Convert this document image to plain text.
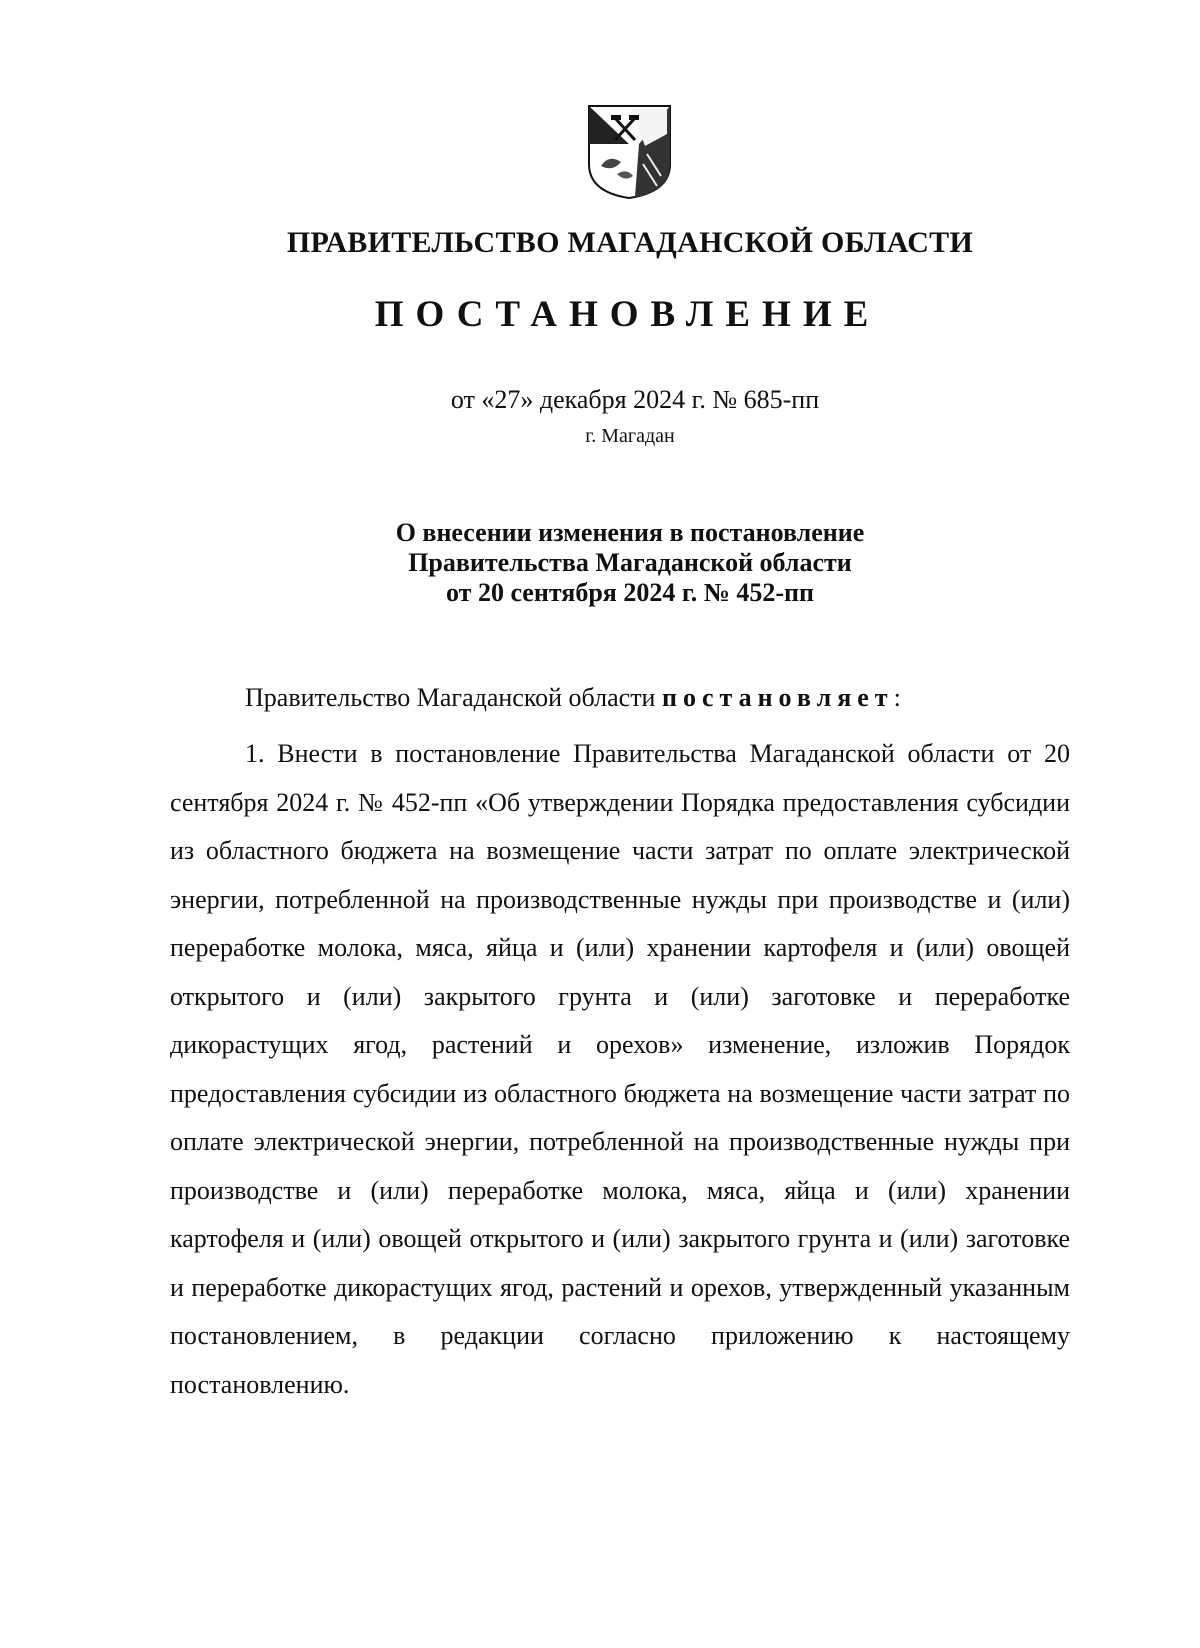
ПРАВИТЕЛЬСТВО МАГАДАНСКОЙ ОБЛАСТИ
ПОСТАНОВЛЕНИЕ
от «27» декабря 2024 г. № 685-пп
г. Магадан
О внесении изменения в постановление
Правительства Магаданской области
от 20 сентября 2024 г. № 452-пп
Правительство Магаданской области постановляет:

1. Внести в постановление Правительства Магаданской области от 20 сентября 2024 г. № 452-пп «Об утверждении Порядка предоставления субсидии из областного бюджета на возмещение части затрат по оплате электрической энергии, потребленной на производственные нужды при производстве и (или) переработке молока, мяса, яйца и (или) хранении картофеля и (или) овощей открытого и (или) закрытого грунта и (или) заготовке и переработке дикорастущих ягод, растений и орехов» изменение, изложив Порядок предоставления субсидии из областного бюджета на возмещение части затрат по оплате электрической энергии, потребленной на производственные нужды при производстве и (или) переработке молока, мяса, яйца и (или) хранении картофеля и (или) овощей открытого и (или) закрытого грунта и (или) заготовке и переработке дикорастущих ягод, растений и орехов, утвержденный указанным постановлением, в редакции согласно приложению к настоящему постановлению.
